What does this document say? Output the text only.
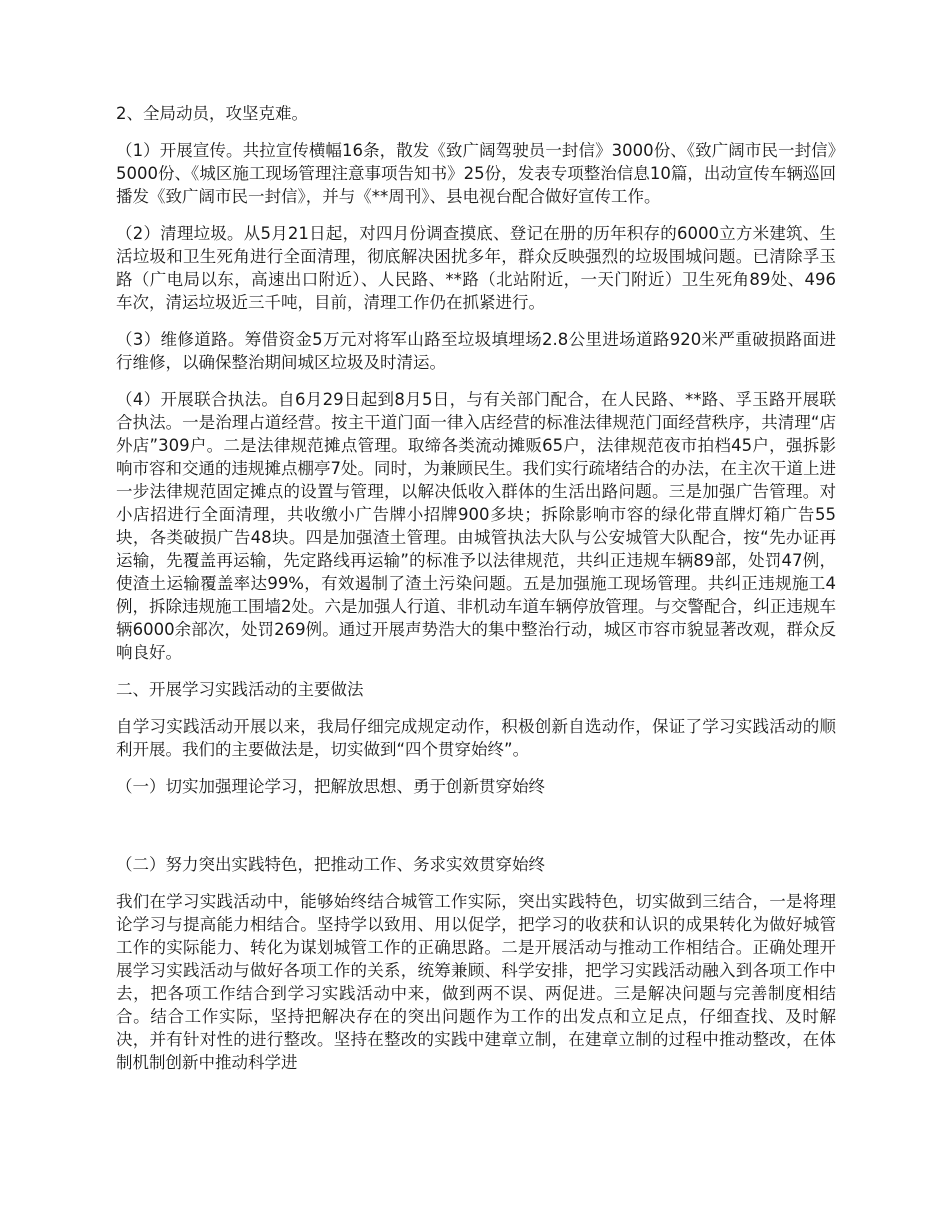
2、全局动员，攻坚克难。

（1）开展宣传。共拉宣传横幅16条，散发《致广阔驾驶员一封信》3000份、《致广阔市民一封信》5000份、《城区施工现场管理注意事项告知书》25份，发表专项整治信息10篇，出动宣传车辆巡回播发《致广阔市民一封信》，并与《**周刊》、县电视台配合做好宣传工作。

（2）清理垃圾。从5月21日起，对四月份调查摸底、登记在册的历年积存的6000立方米建筑、生活垃圾和卫生死角进行全面清理，彻底解决困扰多年，群众反映强烈的垃圾围城问题。已清除孚玉路（广电局以东，高速出口附近）、人民路、**路（北站附近，一天门附近）卫生死角89处、496车次，清运垃圾近三千吨，目前，清理工作仍在抓紧进行。

（3）维修道路。筹借资金5万元对将军山路至垃圾填埋场2.8公里进场道路920米严重破损路面进行维修，以确保整治期间城区垃圾及时清运。

（4）开展联合执法。自6月29日起到8月5日，与有关部门配合，在人民路、**路、孚玉路开展联合执法。一是治理占道经营。按主干道门面一律入店经营的标准法律规范门面经营秩序，共清理“店外店”309户。二是法律规范摊点管理。取缔各类流动摊贩65户，法律规范夜市拍档45户，强拆影响市容和交通的违规摊点棚亭7处。同时，为兼顾民生。我们实行疏堵结合的办法，在主次干道上进一步法律规范固定摊点的设置与管理，以解决低收入群体的生活出路问题。三是加强广告管理。对小店招进行全面清理，共收缴小广告牌小招牌900多块；拆除影响市容的绿化带直牌灯箱广告55块，各类破损广告48块。四是加强渣土管理。由城管执法大队与公安城管大队配合，按“先办证再运输，先覆盖再运输，先定路线再运输”的标准予以法律规范，共纠正违规车辆89部，处罚47例，使渣土运输覆盖率达99%，有效遏制了渣土污染问题。五是加强施工现场管理。共纠正违规施工4例，拆除违规施工围墙2处。六是加强人行道、非机动车道车辆停放管理。与交警配合，纠正违规车辆6000余部次，处罚269例。通过开展声势浩大的集中整治行动，城区市容市貌显著改观，群众反响良好。

二、开展学习实践活动的主要做法

自学习实践活动开展以来，我局仔细完成规定动作，积极创新自选动作，保证了学习实践活动的顺利开展。我们的主要做法是，切实做到“四个贯穿始终”。

（一）切实加强理论学习，把解放思想、勇于创新贯穿始终

（二）努力突出实践特色，把推动工作、务求实效贯穿始终

我们在学习实践活动中，能够始终结合城管工作实际，突出实践特色，切实做到三结合，一是将理论学习与提高能力相结合。坚持学以致用、用以促学，把学习的收获和认识的成果转化为做好城管工作的实际能力、转化为谋划城管工作的正确思路。二是开展活动与推动工作相结合。正确处理开展学习实践活动与做好各项工作的关系，统筹兼顾、科学安排，把学习实践活动融入到各项工作中去，把各项工作结合到学习实践活动中来，做到两不误、两促进。三是解决问题与完善制度相结合。结合工作实际，坚持把解决存在的突出问题作为工作的出发点和立足点，仔细查找、及时解决，并有针对性的进行整改。坚持在整改的实践中建章立制，在建章立制的过程中推动整改，在体制机制创新中推动科学进
